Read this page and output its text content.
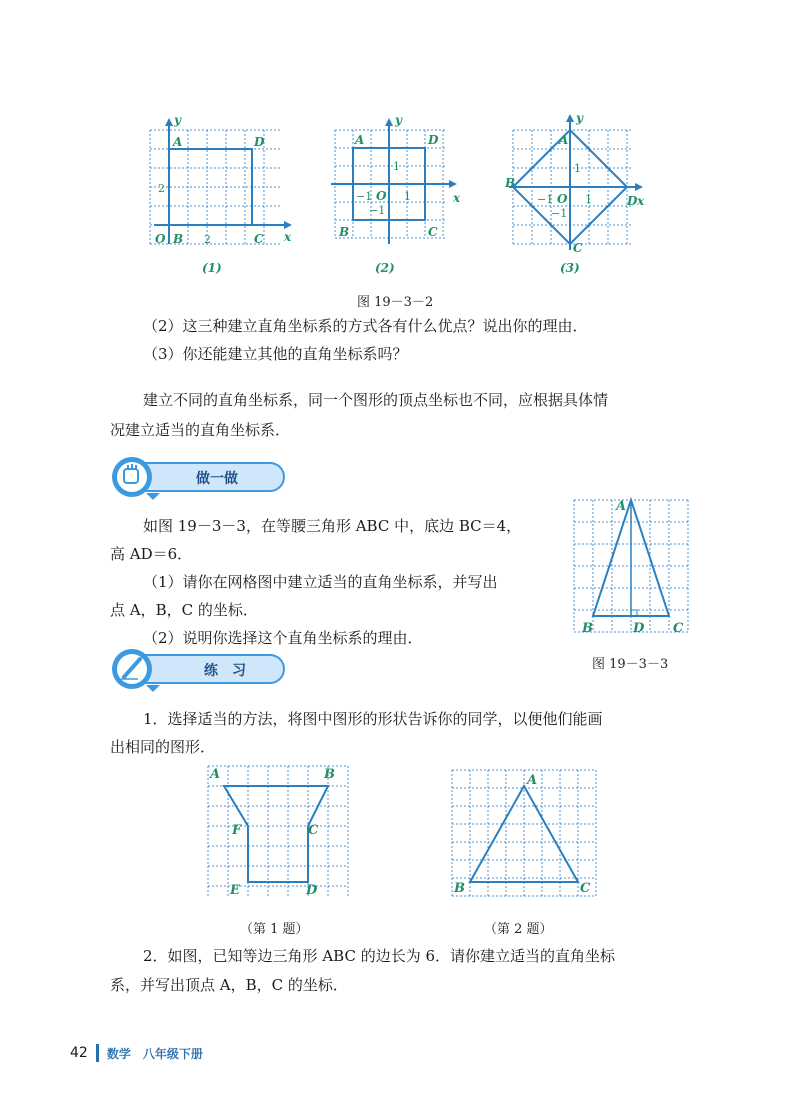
y
x
A	D
O B	C
2
2
(1)
y
x
A	D
B	C
O
−1	1
1
−1
(2)
y
x
A
B
C
D
O
−1	1
1
−1
(3)
图 19－3－2
（2）这三种建立直角坐标系的方式各有什么优点？说出你的理由．
（3）你还能建立其他的直角坐标系吗？
建立不同的直角坐标系，同一个图形的顶点坐标也不同，应根据具体情
况建立适当的直角坐标系．
做一做
如图 19－3－3，在等腰三角形 ABC 中，底边 BC＝4，
高 AD＝6．
（1）请你在网格图中建立适当的直角坐标系，并写出
点 A，B，C 的坐标．
（2）说明你选择这个直角坐标系的理由．
A
B	C
D
图 19－3－3
练　习
1．选择适当的方法，将图中图形的形状告诉你的同学，以便他们能画
出相同的图形．
A	B
C
D
E
F
（第 1 题）
A
B	C
（第 2 题）
2．如图，已知等边三角形 ABC 的边长为 6．请你建立适当的直角坐标
系，并写出顶点 A，B，C 的坐标．
42 数学　八年级下册
